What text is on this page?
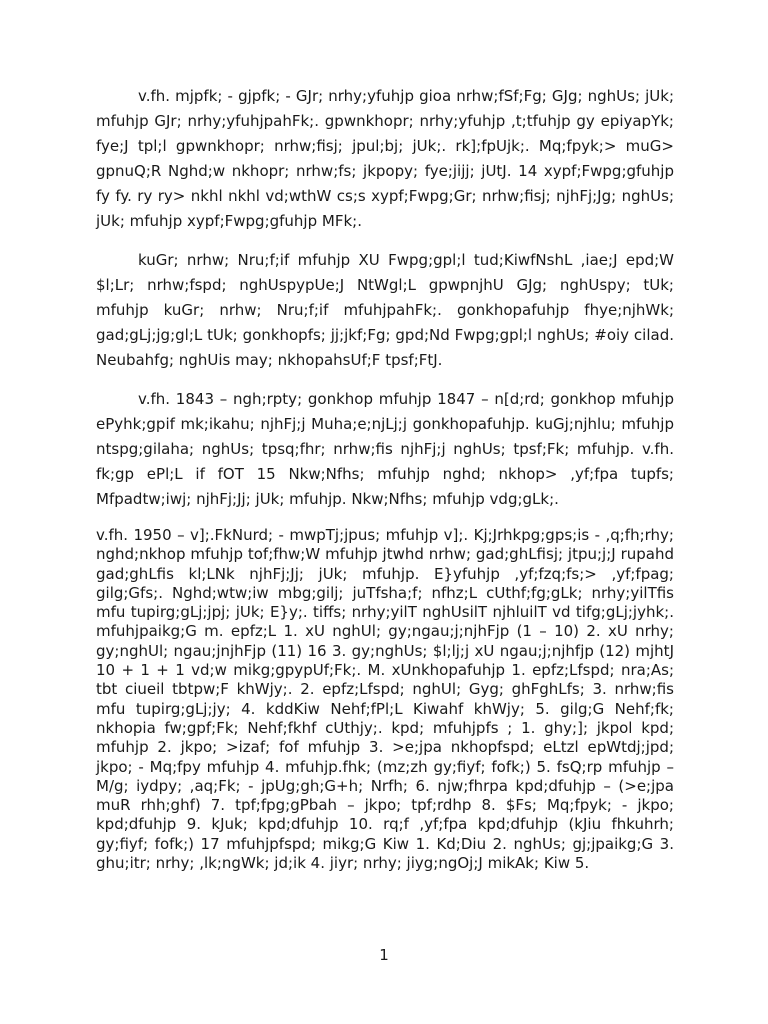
v.fh. mjpfk; - gjpfk; - GJr; nrhy;yfuhjp gioa nrhw;fSf;Fg; GJg; nghUs; jUk; mfuhjp GJr; nrhy;yfuhjpahFk;. gpwnkhopr; nrhy;yfuhjp ,t;tfuhjp gy epiyapYk; fye;J tpl;l gpwnkhopr; nrhw;fisj; jpul;bj; jUk;. rk];fpUjk;. Mq;fpyk;> muG> gpnuQ;R Nghd;w nkhopr; nrhw;fs; jkpopy; fye;jijj; jUtJ. 14 xypf;Fwpg;gfuhjp fy fy. ry ry> nkhl nkhl vd;wthW cs;s xypf;Fwpg;Gr; nrhw;fisj; njhFj;Jg; nghUs; jUk; mfuhjp xypf;Fwpg;gfuhjp MFk;.

kuGr; nrhw; Nru;f;if mfuhjp XU Fwpg;gpl;l tud;KiwfNshL ,iae;J epd;W $l;Lr; nrhw;fspd; nghUspypUe;J NtWgl;L gpwpnjhU GJg; nghUspy; tUk; mfuhjp kuGr; nrhw; Nru;f;if mfuhjpahFk;. gonkhopafuhjp fhye;njhWk; gad;gLj;jg;gl;L tUk; gonkhopfs; jj;jkf;Fg; gpd;Nd Fwpg;gpl;l nghUs; #oiy cilad. Neubahfg; nghUis may; nkhopahsUf;F tpsf;FtJ.

v.fh. 1843 – ngh;rpty; gonkhop mfuhjp 1847 – n[d;rd; gonkhop mfuhjp ePyhk;gpif mk;ikahu; njhFj;j Muha;e;njLj;j gonkhopafuhjp. kuGj;njhlu; mfuhjp ntspg;gilaha; nghUs; tpsq;fhr; nrhw;fis njhFj;j nghUs; tpsf;Fk; mfuhjp. v.fh. fk;gp ePl;L if fOT 15 Nkw;Nfhs; mfuhjp nghd; nkhop> ,yf;fpa tupfs; Mfpadtw;iwj; njhFj;Jj; jUk; mfuhjp. Nkw;Nfhs; mfuhjp vdg;gLk;.

v.fh. 1950 – v];.FkNurd; - mwpTj;jpus; mfuhjp v];. Kj;Jrhkpg;gps;is - ,q;fh;rhy; nghd;nkhop mfuhjp tof;fhw;W mfuhjp jtwhd nrhw; gad;ghLfisj; jtpu;j;J rupahd gad;ghLfis kl;LNk njhFj;Jj; jUk; mfuhjp. E}yfuhjp ,yf;fzq;fs;> ,yf;fpag; gilg;Gfs;. Nghd;wtw;iw mbg;gilj; juTfsha;f; nfhz;L cUthf;fg;gLk; nrhy;yilTfis mfu tupirg;gLj;jpj; jUk; E}y;. tiffs; nrhy;yilT nghUsilT njhluilT vd tifg;gLj;jyhk;. mfuhjpaikg;G m. epfz;L 1. xU nghUl; gy;ngau;j;njhFjp (1 – 10) 2. xU nrhy; gy;nghUl; ngau;jnjhFjp (11) 16 3. gy;nghUs; $l;lj;j xU ngau;j;njhfjp (12) mjhtJ 10 + 1 + 1 vd;w mikg;gpypUf;Fk;. M. xUnkhopafuhjp 1. epfz;Lfspd; nra;As; tbt ciueil tbtpw;F khWjy;. 2. epfz;Lfspd; nghUl; Gyg; ghFghLfs; 3. nrhw;fis mfu tupirg;gLj;jy; 4. kddKiw Nehf;fPl;L Kiwahf khWjy; 5. gilg;G Nehf;fk; nkhopia fw;gpf;Fk; Nehf;fkhf cUthjy;. kpd; mfuhjpfs ; 1. ghy;]; jkpol kpd; mfuhjp 2. jkpo; >izaf; fof mfuhjp 3. >e;jpa nkhopfspd; eLtzl epWtdj;jpd; jkpo; - Mq;fpy mfuhjp 4. mfuhjp.fhk; (mz;zh gy;fiyf; fofk;) 5. fsQ;rp mfuhjp – M/g; iydpy; ,aq;Fk; - jpUg;gh;G+h; Nrfh; 6. njw;fhrpa kpd;dfuhjp – (>e;jpa muR rhh;ghf) 7. tpf;fpg;gPbah – jkpo; tpf;rdhp 8. $Fs; Mq;fpyk; - jkpo; kpd;dfuhjp 9. kJuk; kpd;dfuhjp 10. rq;f ,yf;fpa kpd;dfuhjp (kJiu fhkuhrh; gy;fiyf; fofk;) 17 mfuhjpfspd; mikg;G Kiw 1. Kd;Diu 2. nghUs; gj;jpaikg;G 3. ghu;itr; nrhy; ,lk;ngWk; jd;ik 4. jiyr; nrhy; jiyg;ngOj;J mikAk; Kiw 5.

1
